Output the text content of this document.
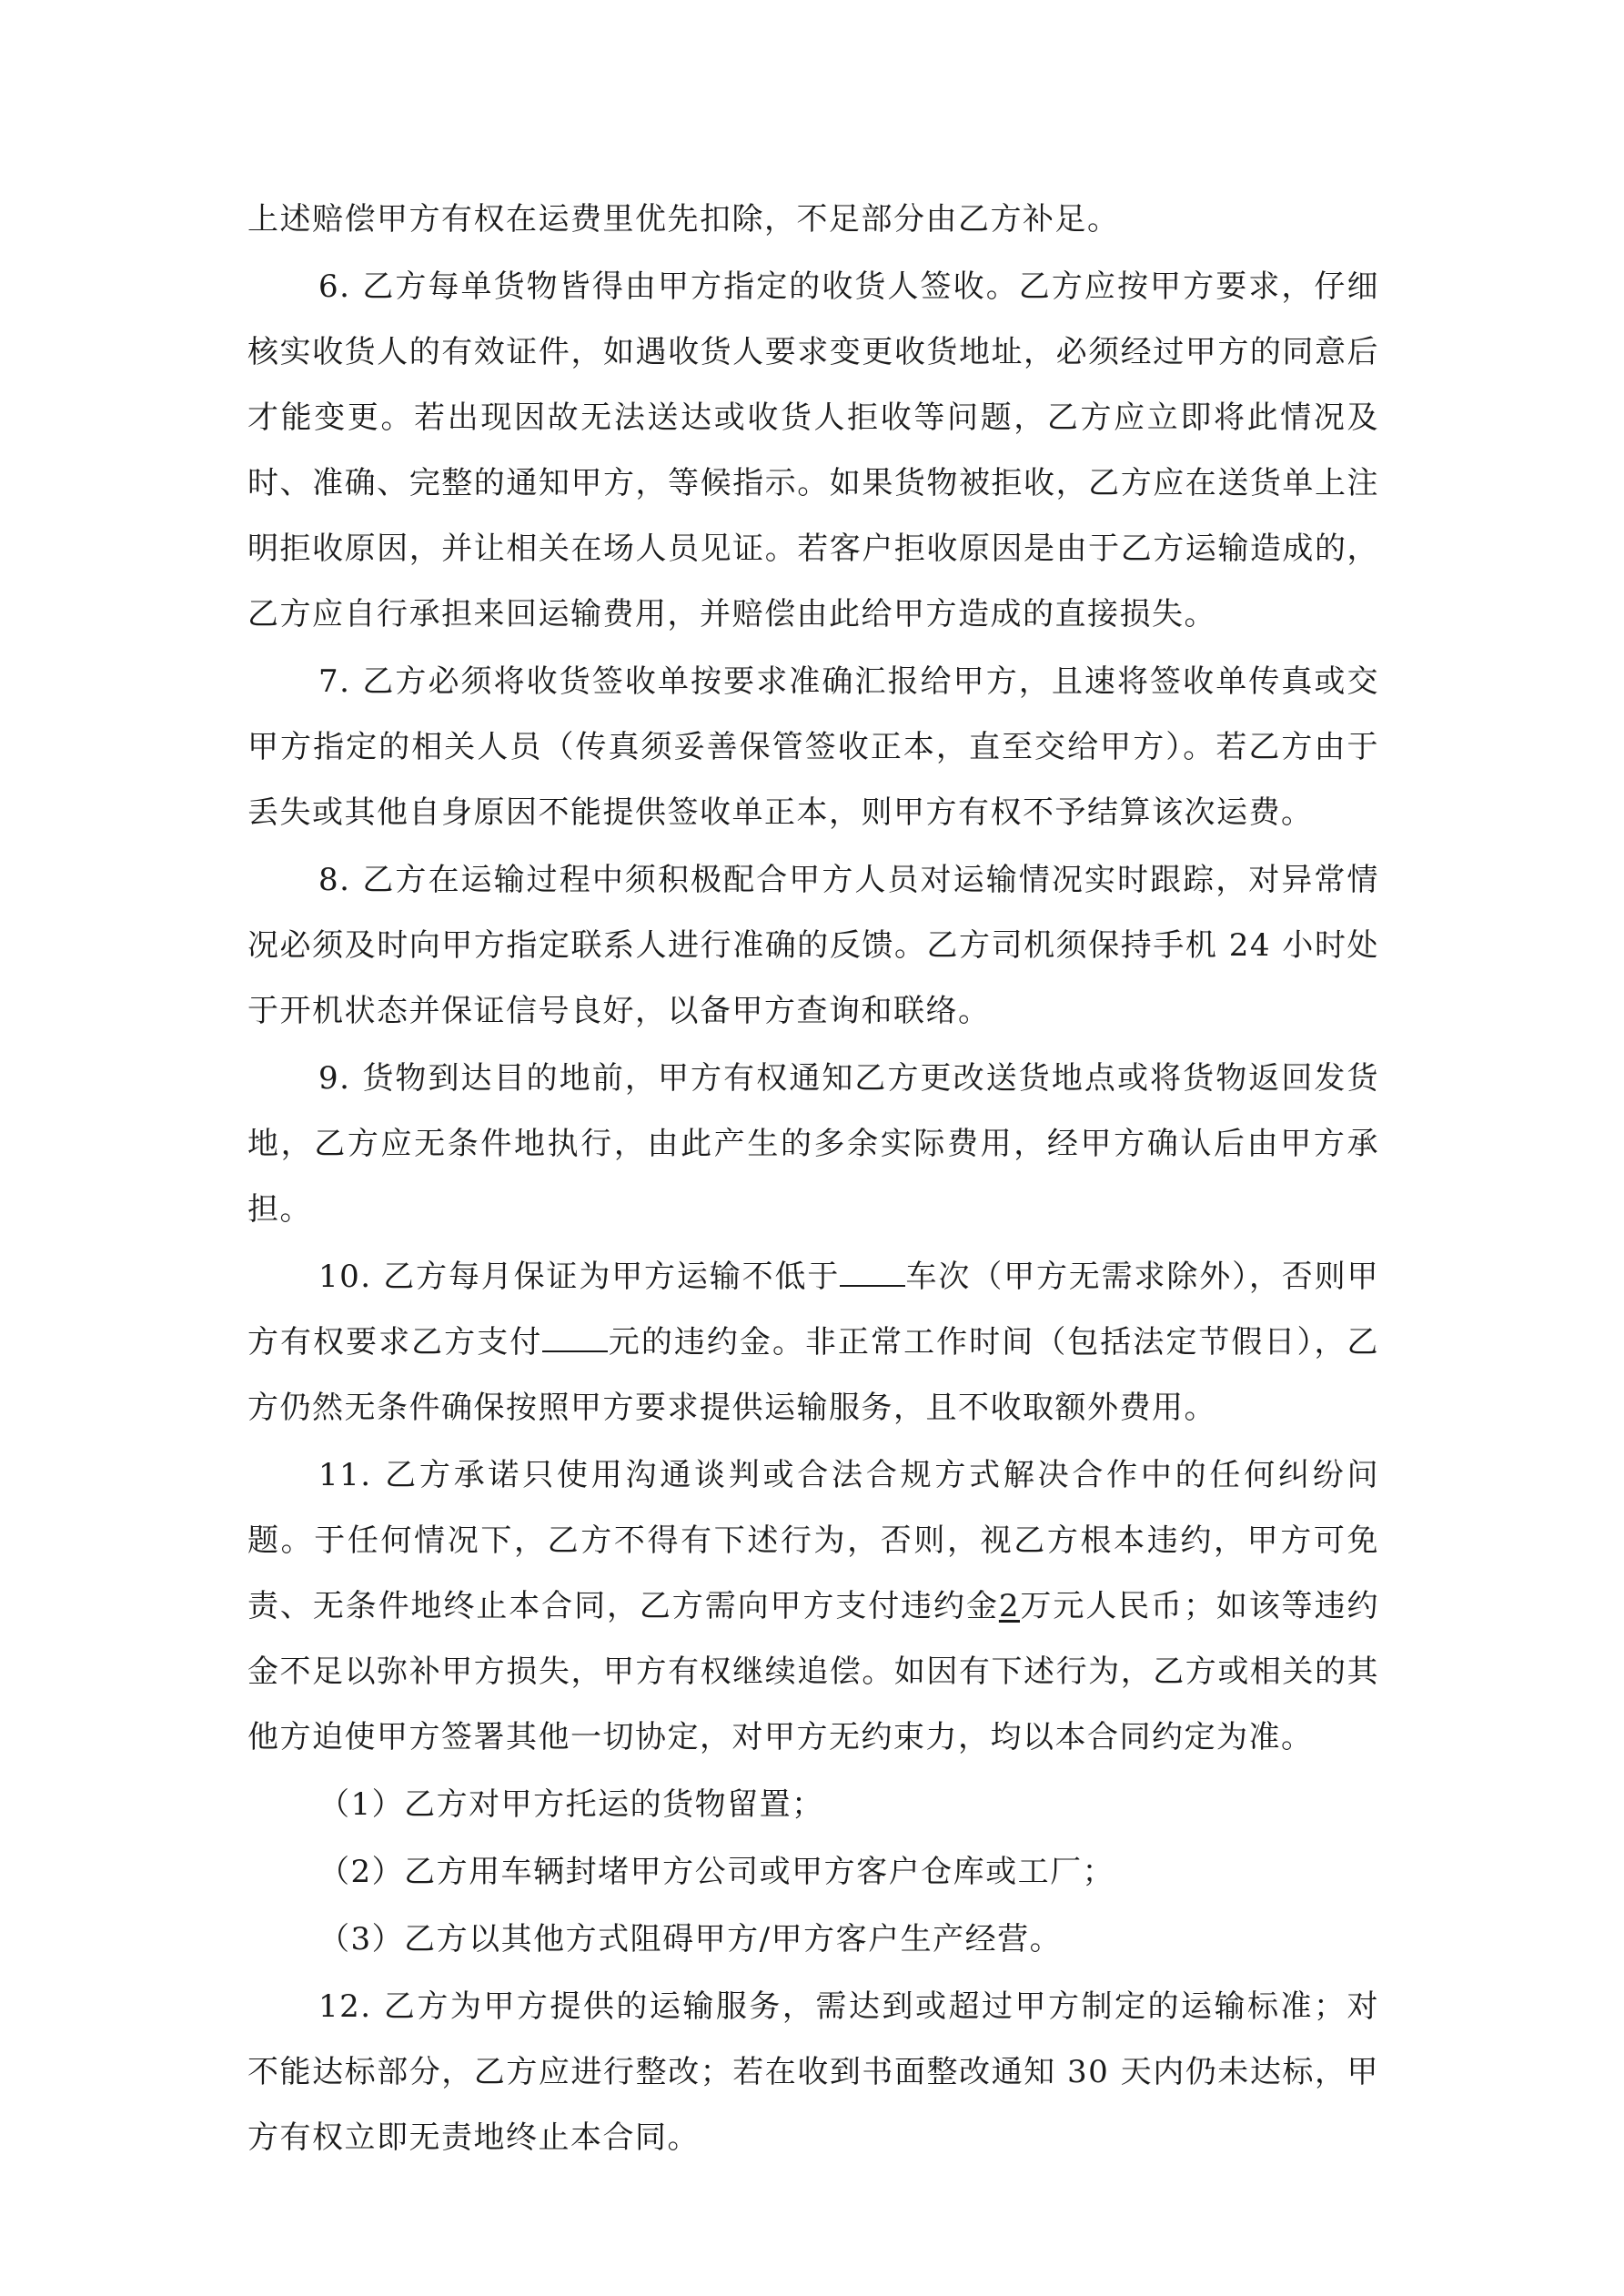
上述赔偿甲方有权在运费里优先扣除，不足部分由乙方补足。

6. 乙方每单货物皆得由甲方指定的收货人签收。乙方应按甲方要求，仔细核实收货人的有效证件，如遇收货人要求变更收货地址，必须经过甲方的同意后才能变更。若出现因故无法送达或收货人拒收等问题，乙方应立即将此情况及时、准确、完整的通知甲方，等候指示。如果货物被拒收，乙方应在送货单上注明拒收原因，并让相关在场人员见证。若客户拒收原因是由于乙方运输造成的，乙方应自行承担来回运输费用，并赔偿由此给甲方造成的直接损失。

7. 乙方必须将收货签收单按要求准确汇报给甲方，且速将签收单传真或交甲方指定的相关人员（传真须妥善保管签收正本，直至交给甲方）。若乙方由于丢失或其他自身原因不能提供签收单正本，则甲方有权不予结算该次运费。

8. 乙方在运输过程中须积极配合甲方人员对运输情况实时跟踪，对异常情况必须及时向甲方指定联系人进行准确的反馈。乙方司机须保持手机 24 小时处于开机状态并保证信号良好，以备甲方查询和联络。

9. 货物到达目的地前，甲方有权通知乙方更改送货地点或将货物返回发货地，乙方应无条件地执行，由此产生的多余实际费用，经甲方确认后由甲方承担。

10. 乙方每月保证为甲方运输不低于 车次（甲方无需求除外），否则甲方有权要求乙方支付 元的违约金。非正常工作时间（包括法定节假日），乙方仍然无条件确保按照甲方要求提供运输服务，且不收取额外费用。

11. 乙方承诺只使用沟通谈判或合法合规方式解决合作中的任何纠纷问题。于任何情况下，乙方不得有下述行为，否则，视乙方根本违约，甲方可免责、无条件地终止本合同，乙方需向甲方支付违约金2万元人民币；如该等违约金不足以弥补甲方损失，甲方有权继续追偿。如因有下述行为，乙方或相关的其他方迫使甲方签署其他一切协定，对甲方无约束力，均以本合同约定为准。

（1）乙方对甲方托运的货物留置；

（2）乙方用车辆封堵甲方公司或甲方客户仓库或工厂；

（3）乙方以其他方式阻碍甲方/甲方客户生产经营。

12. 乙方为甲方提供的运输服务，需达到或超过甲方制定的运输标准；对不能达标部分，乙方应进行整改；若在收到书面整改通知 30 天内仍未达标，甲方有权立即无责地终止本合同。
